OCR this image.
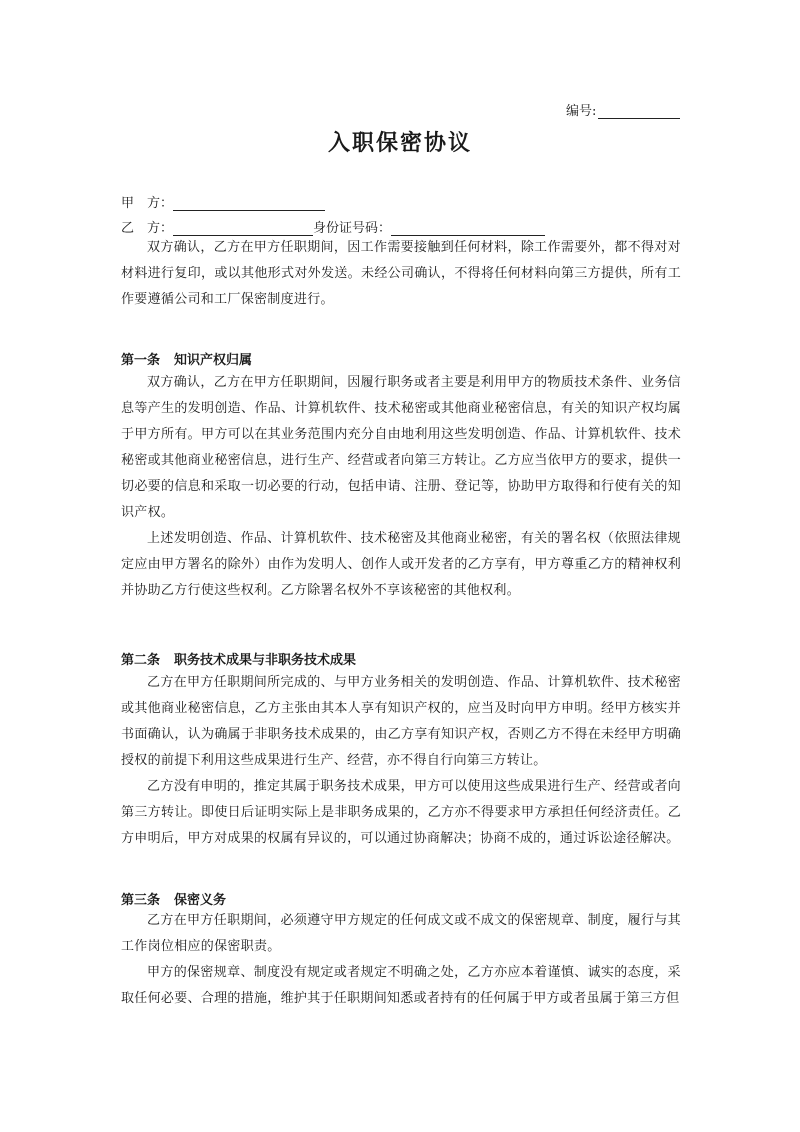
编号:
入职保密协议
甲　方：
乙　方：	身份证号码：

双方确认，乙方在甲方任职期间，因工作需要接触到任何材料，除工作需要外，都不得对对材料进行复印，或以其他形式对外发送。未经公司确认，不得将任何材料向第三方提供，所有工作要遵循公司和工厂保密制度进行。

第一条 知识产权归属

双方确认，乙方在甲方任职期间，因履行职务或者主要是利用甲方的物质技术条件、业务信息等产生的发明创造、作品、计算机软件、技术秘密或其他商业秘密信息，有关的知识产权均属于甲方所有。甲方可以在其业务范围内充分自由地利用这些发明创造、作品、计算机软件、技术秘密或其他商业秘密信息，进行生产、经营或者向第三方转让。乙方应当依甲方的要求，提供一切必要的信息和采取一切必要的行动，包括申请、注册、登记等，协助甲方取得和行使有关的知识产权。

上述发明创造、作品、计算机软件、技术秘密及其他商业秘密，有关的署名权（依照法律规定应由甲方署名的除外）由作为发明人、创作人或开发者的乙方享有，甲方尊重乙方的精神权利并协助乙方行使这些权利。乙方除署名权外不享该秘密的其他权利。

第二条 职务技术成果与非职务技术成果

乙方在甲方任职期间所完成的、与甲方业务相关的发明创造、作品、计算机软件、技术秘密或其他商业秘密信息，乙方主张由其本人享有知识产权的，应当及时向甲方申明。经甲方核实并书面确认，认为确属于非职务技术成果的，由乙方享有知识产权，否则乙方不得在未经甲方明确授权的前提下利用这些成果进行生产、经营，亦不得自行向第三方转让。

乙方没有申明的，推定其属于职务技术成果，甲方可以使用这些成果进行生产、经营或者向第三方转让。即使日后证明实际上是非职务成果的，乙方亦不得要求甲方承担任何经济责任。乙方申明后，甲方对成果的权属有异议的，可以通过协商解决；协商不成的，通过诉讼途径解决。

第三条 保密义务

乙方在甲方任职期间，必须遵守甲方规定的任何成文或不成文的保密规章、制度，履行与其工作岗位相应的保密职责。

甲方的保密规章、制度没有规定或者规定不明确之处，乙方亦应本着谨慎、诚实的态度，采取任何必要、合理的措施，维护其于任职期间知悉或者持有的任何属于甲方或者虽属于第三方但
